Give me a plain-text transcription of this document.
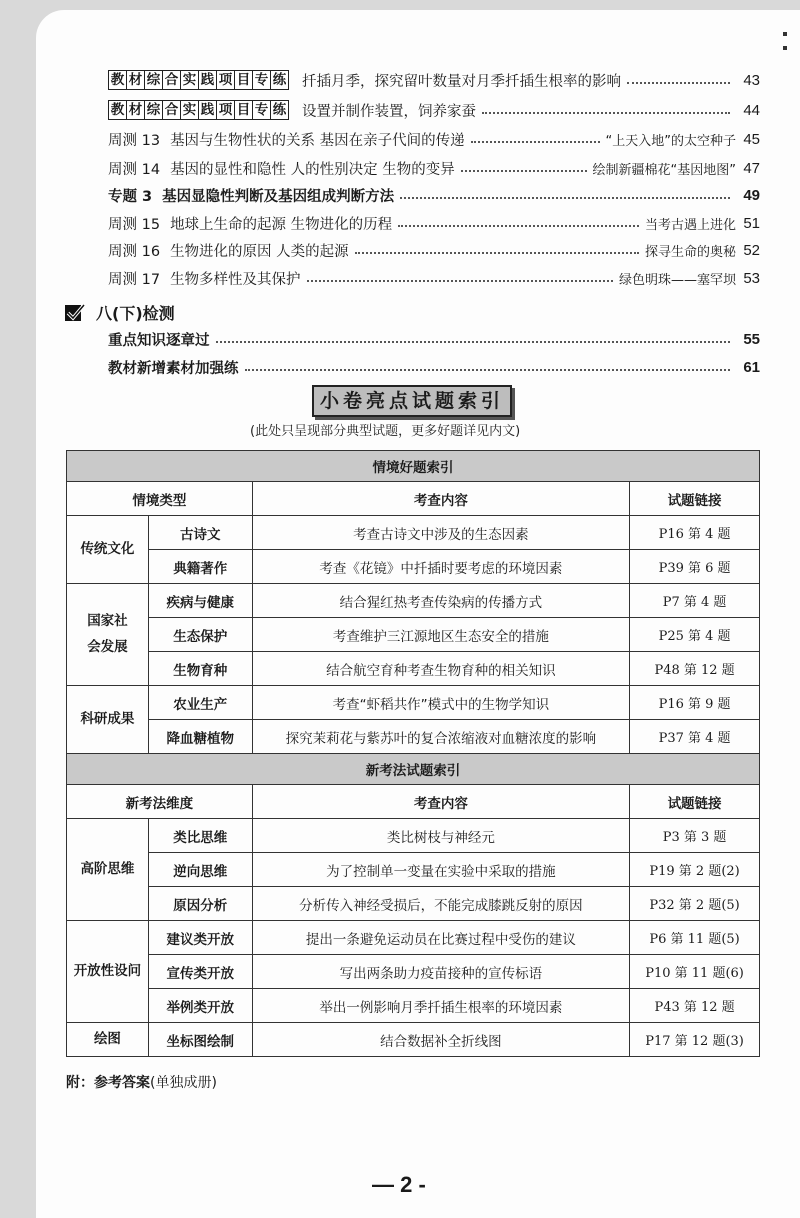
教 材 综 合 实 践 项 目 专 练 扦插月季，探究留叶数量对月季扦插生根率的影响	43
教 材 综 合 实 践 项 目 专 练 设置并制作装置，饲养家蚕	44
周测 13 基因与生物性状的关系 基因在亲子代间的传递	“上天入地”的太空种子 45
周测 14 基因的显性和隐性 人的性别决定 生物的变异	绘制新疆棉花“基因地图” 47
专题 3 基因显隐性判断及基因组成判断方法	49
周测 15 地球上生命的起源 生物进化的历程	当考古遇上进化 51
周测 16 生物进化的原因 人类的起源	探寻生命的奥秘 52
周测 17 生物多样性及其保护	绿色明珠——塞罕坝 53
八(下)检测
重点知识逐章过	55
教材新增素材加强练	61
小卷亮点试题索引
(此处只呈现部分典型试题，更多好题详见内文)
情境好题索引			
情境类型		考查内容	试题链接
传统文化	古诗文	考查古诗文中涉及的生态因素	P16 第 4 题
	典籍著作	考查《花镜》中扦插时要考虑的环境因素	P39 第 6 题
国家社
会发展	疾病与健康	结合猩红热考查传染病的传播方式	P7 第 4 题
	生态保护	考查维护三江源地区生态安全的措施	P25 第 4 题
	生物育种	结合航空育种考查生物育种的相关知识	P48 第 12 题
科研成果	农业生产	考查“虾稻共作”模式中的生物学知识	P16 第 9 题
	降血糖植物	探究茉莉花与紫苏叶的复合浓缩液对血糖浓度的影响	P37 第 4 题
新考法试题索引			
新考法维度		考查内容	试题链接
高阶思维	类比思维	类比树枝与神经元	P3 第 3 题
	逆向思维	为了控制单一变量在实验中采取的措施	P19 第 2 题(2)
	原因分析	分析传入神经受损后，不能完成膝跳反射的原因	P32 第 2 题(5)
开放性设问	建议类开放	提出一条避免运动员在比赛过程中受伤的建议	P6 第 11 题(5)
	宣传类开放	写出两条助力疫苗接种的宣传标语	P10 第 11 题(6)
	举例类开放	举出一例影响月季扦插生根率的环境因素	P43 第 12 题
绘图	坐标图绘制	结合数据补全折线图	P17 第 12 题(3)
附：参考答案(单独成册)
— 2 -
